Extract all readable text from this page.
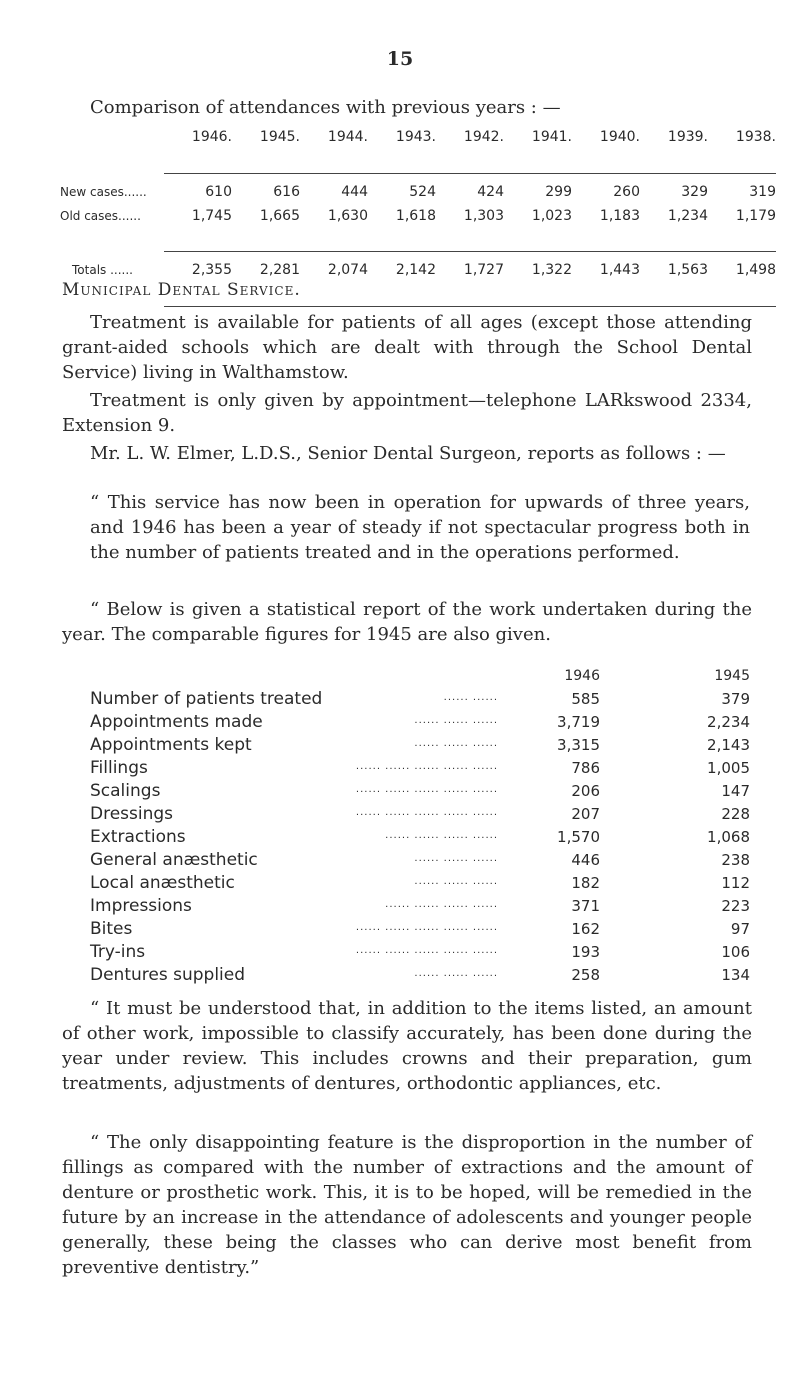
15
Comparison of attendances with previous years : —
	1946.	1945.	1944.	1943.	1942.	1941.	1940.	1939.	1938.

New cases......	610	616	444	524	424	299	260	329	319
Old cases......	1,745	1,665	1,630	1,618	1,303	1,023	1,183	1,234	1,179

Totals ......	2,355	2,281	2,074	2,142	1,727	1,322	1,443	1,563	1,498

Municipal Dental Service.
Treatment is available for patients of all ages (except those attending grant-aided schools which are dealt with through the School Dental Service) living in Walthamstow.
Treatment is only given by appointment—telephone LARkswood 2334, Extension 9.
Mr. L. W. Elmer, L.D.S., Senior Dental Surgeon, reports as follows : —
“ This service has now been in operation for upwards of three years, and 1946 has been a year of steady if not spectacular progress both in the number of patients treated and in the operations performed.
“ Below is given a statistical report of the work undertaken during the year. The comparable figures for 1945 are also given.
	1946	1945
Number of patients treated ...... ......	585	379
Appointments made ...... ...... ......	3,719	2,234
Appointments kept ...... ...... ......	3,315	2,143
Fillings ...... ...... ...... ...... ......	786	1,005
Scalings ...... ...... ...... ...... ......	206	147
Dressings ...... ...... ...... ...... ......	207	228
Extractions ...... ...... ...... ......	1,570	1,068
General anæsthetic ...... ...... ......	446	238
Local anæsthetic ...... ...... ......	182	112
Impressions ...... ...... ...... ......	371	223
Bites ...... ...... ...... ...... ......	162	97
Try-ins ...... ...... ...... ...... ......	193	106
Dentures supplied ...... ...... ......	258	134
“ It must be understood that, in addition to the items listed, an amount of other work, impossible to classify accurately, has been done during the year under review. This includes crowns and their preparation, gum treatments, adjustments of dentures, orthodontic appliances, etc.
“ The only disappointing feature is the disproportion in the number of fillings as compared with the number of extractions and the amount of denture or prosthetic work. This, it is to be hoped, will be remedied in the future by an increase in the attendance of adolescents and younger people generally, these being the classes who can derive most benefit from preventive dentistry.”
